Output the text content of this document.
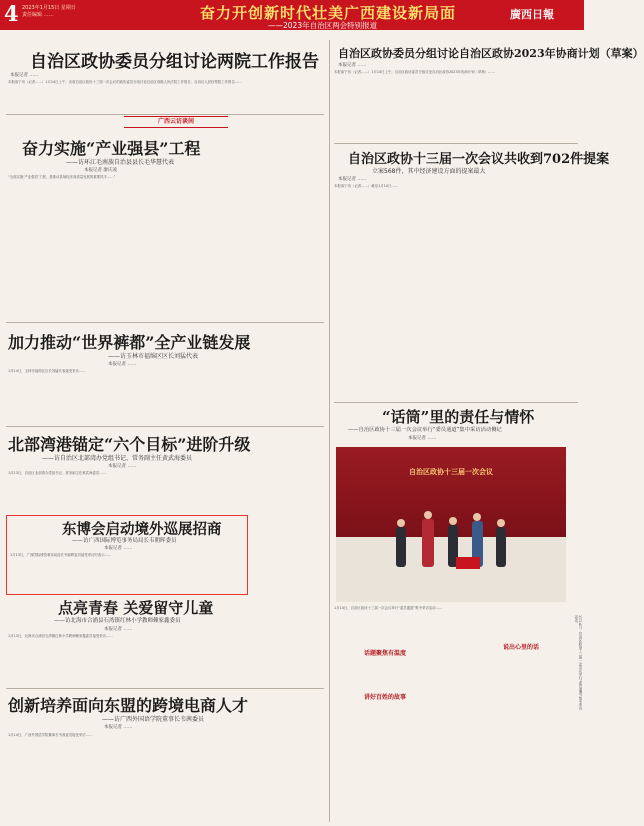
4 2023年1月15日 星期日
责任编辑 ……	奋力开创新时代壮美广西建设新局面
——2023年自治区两会特别报道
廣西日報
自治区政协委员分组讨论两院工作报告
本报记者 ……
本报南宁讯（记者……）1月14日上午，出席自治区政协十三届一次会议的政协委员分组讨论自治区高级人民法院工作报告、自治区人民检察院工作报告……
广西云访谈间
奋力实施“产业强县”工程
——访环江毛南族自治县县长毛华慧代表
本报记者 廖庆凌
“全面实施‘产业强县’工程，是推动县域经济高质量发展的重要抓手……”
加力推动“世界裤都”全产业链发展
——访玉林市福绵区区长刘猛代表
本报记者 ……
1月14日，玉林市福绵区区长刘猛代表接受采访……
北部湾港锚定“六个目标”进阶升级
——访自治区北部湾办党组书记、常务副主任黄武海委员
本报记者 ……
1月13日，自治区北部湾办党组书记、常务副主任黄武海委员……
东博会启动境外巡展招商
——访广西国际博览事务局局长韦朝晖委员
本报记者 ……
1月13日，广西国际博览事务局局长韦朝晖委员接受采访时表示……
点亮青春 关爱留守儿童
——访北海市合浦县石湾镇红林小学教师赖家鑫委员
本报记者 ……
1月13日，北海市合浦县石湾镇红林小学教师赖家鑫委员接受采访……
创新培养面向东盟的跨境电商人才
——访广西外国语学院董事长韦茜委员
本报记者 ……
1月14日，广西外国语学院董事长韦茜委员接受采访……
自治区政协委员分组讨论自治区政协2023年协商计划（草案）
本报记者 ……
本报南宁讯（记者……）1月14日上午，自治区政协委员分组讨论自治区政协2023年协商计划（草案）……
自治区政协十三届一次会议共收到702件提案
立案568件，其中经济建设方面的提案最大
本报记者 ……
本报南宁讯（记者……）截至1月14日……
“话筒”里的责任与情怀
——自治区政协十三届一次会议举行“委员通道”集中采访活动侧记
本报记者 ……
自治区政协十三届一次会议
1月14日，自治区政协十三届一次会议举行“委员通道”集中采访活动。
1月14日，自治区政协十三届一次会议举行“委员通道”集中采访活动……
话题聚焦有温度
讲好百姓的故事
说出心里的话
